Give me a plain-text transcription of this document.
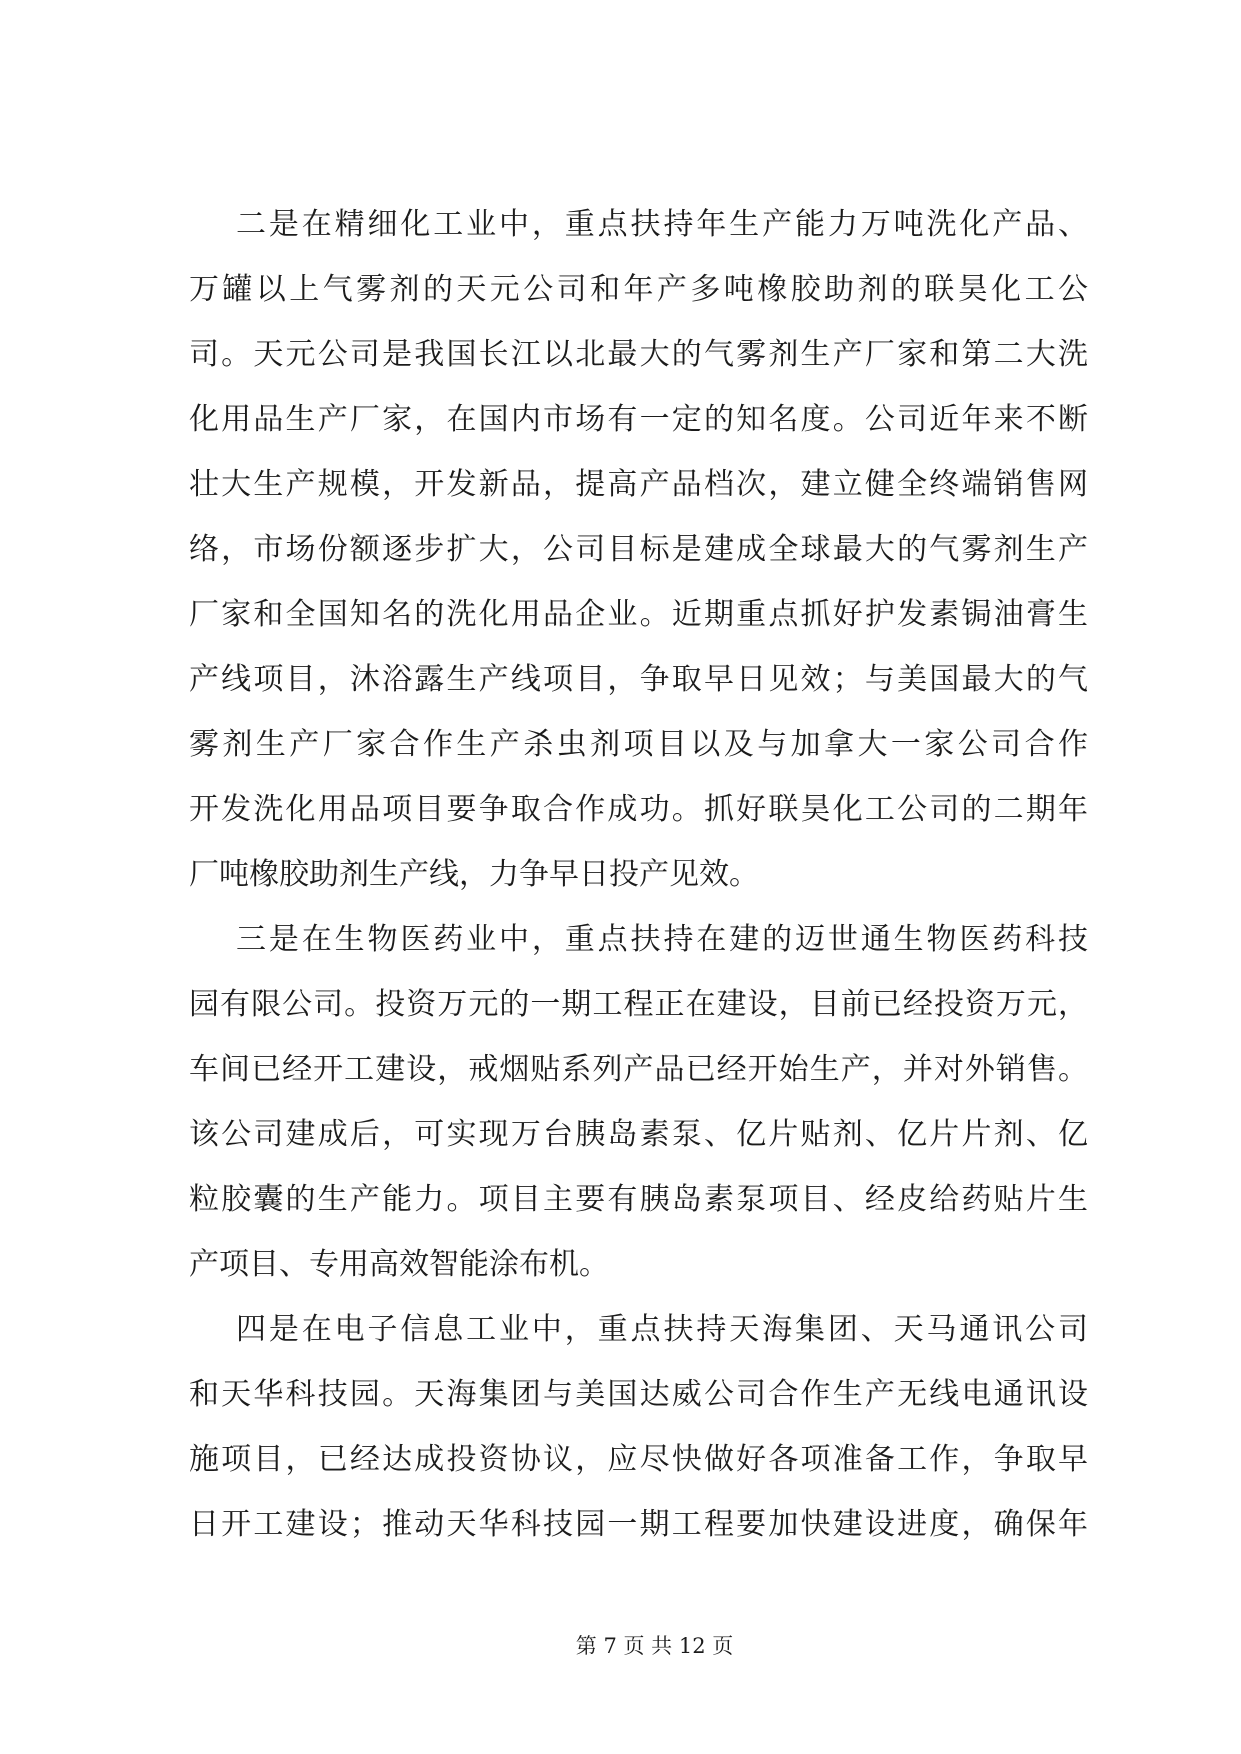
二是在精细化工业中，重点扶持年生产能力万吨洗化产品、
万罐以上气雾剂的天元公司和年产多吨橡胶助剂的联昊化工公
司。天元公司是我国长江以北最大的气雾剂生产厂家和第二大洗
化用品生产厂家，在国内市场有一定的知名度。公司近年来不断
壮大生产规模，开发新品，提高产品档次，建立健全终端销售网
络，市场份额逐步扩大，公司目标是建成全球最大的气雾剂生产
厂家和全国知名的洗化用品企业。近期重点抓好护发素锔油膏生
产线项目，沐浴露生产线项目，争取早日见效；与美国最大的气
雾剂生产厂家合作生产杀虫剂项目以及与加拿大一家公司合作
开发洗化用品项目要争取合作成功。抓好联昊化工公司的二期年
厂吨橡胶助剂生产线，力争早日投产见效。
三是在生物医药业中，重点扶持在建的迈世通生物医药科技
园有限公司。投资万元的一期工程正在建设，目前已经投资万元，
车间已经开工建设，戒烟贴系列产品已经开始生产，并对外销售。
该公司建成后，可实现万台胰岛素泵、亿片贴剂、亿片片剂、亿
粒胶囊的生产能力。项目主要有胰岛素泵项目、经皮给药贴片生
产项目、专用高效智能涂布机。
四是在电子信息工业中，重点扶持天海集团、天马通讯公司
和天华科技园。天海集团与美国达威公司合作生产无线电通讯设
施项目，已经达成投资协议，应尽快做好各项准备工作，争取早
日开工建设；推动天华科技园一期工程要加快建设进度，确保年
第 7 页 共 12 页
